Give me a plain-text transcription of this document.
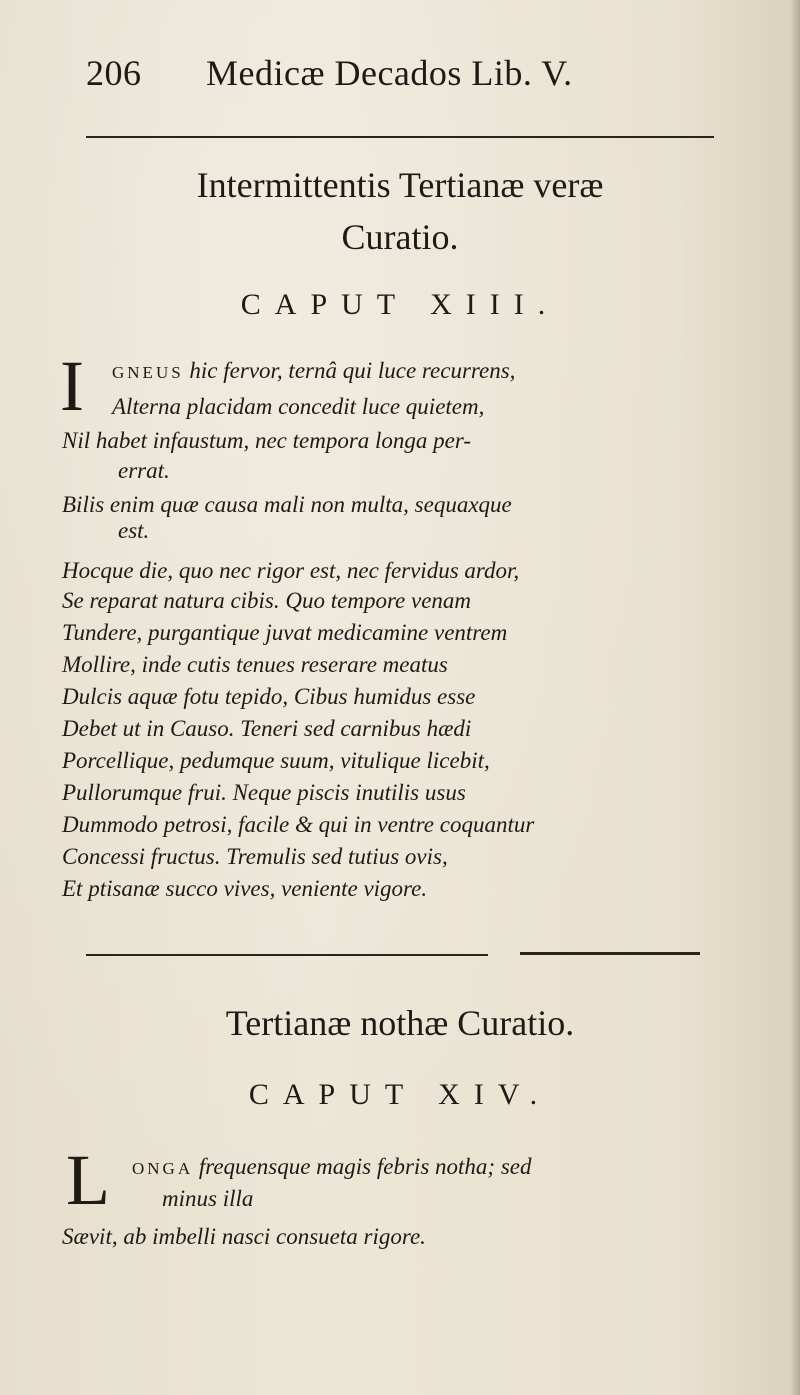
206 Medicæ Decados Lib. V.
Intermittentis Tertianæ veræ
Curatio.
CAPUT XIII.
I GNEUS hic fervor, ternâ qui luce recurrens,
Alterna placidam concedit luce quietem,
Nil habet infaustum, nec tempora longa per-
errat.
Bilis enim quæ causa mali non multa, sequaxque
est.
Hocque die, quo nec rigor est, nec fervidus ardor,
Se reparat natura cibis. Quo tempore venam
Tundere, purgantique juvat medicamine ventrem
Mollire, inde cutis tenues reserare meatus
Dulcis aquæ fotu tepido, Cibus humidus esse
Debet ut in Causo. Teneri sed carnibus hædi
Porcellique, pedumque suum, vitulique licebit,
Pullorumque frui. Neque piscis inutilis usus
Dummodo petrosi, facile & qui in ventre coquantur
Concessi fructus. Tremulis sed tutius ovis,
Et ptisanæ succo vives, veniente vigore.
Tertianæ nothæ Curatio.
CAPUT XIV.
L ONGA frequensque magis febris notha; sed
minus illa
Sævit, ab imbelli nasci consueta rigore.
